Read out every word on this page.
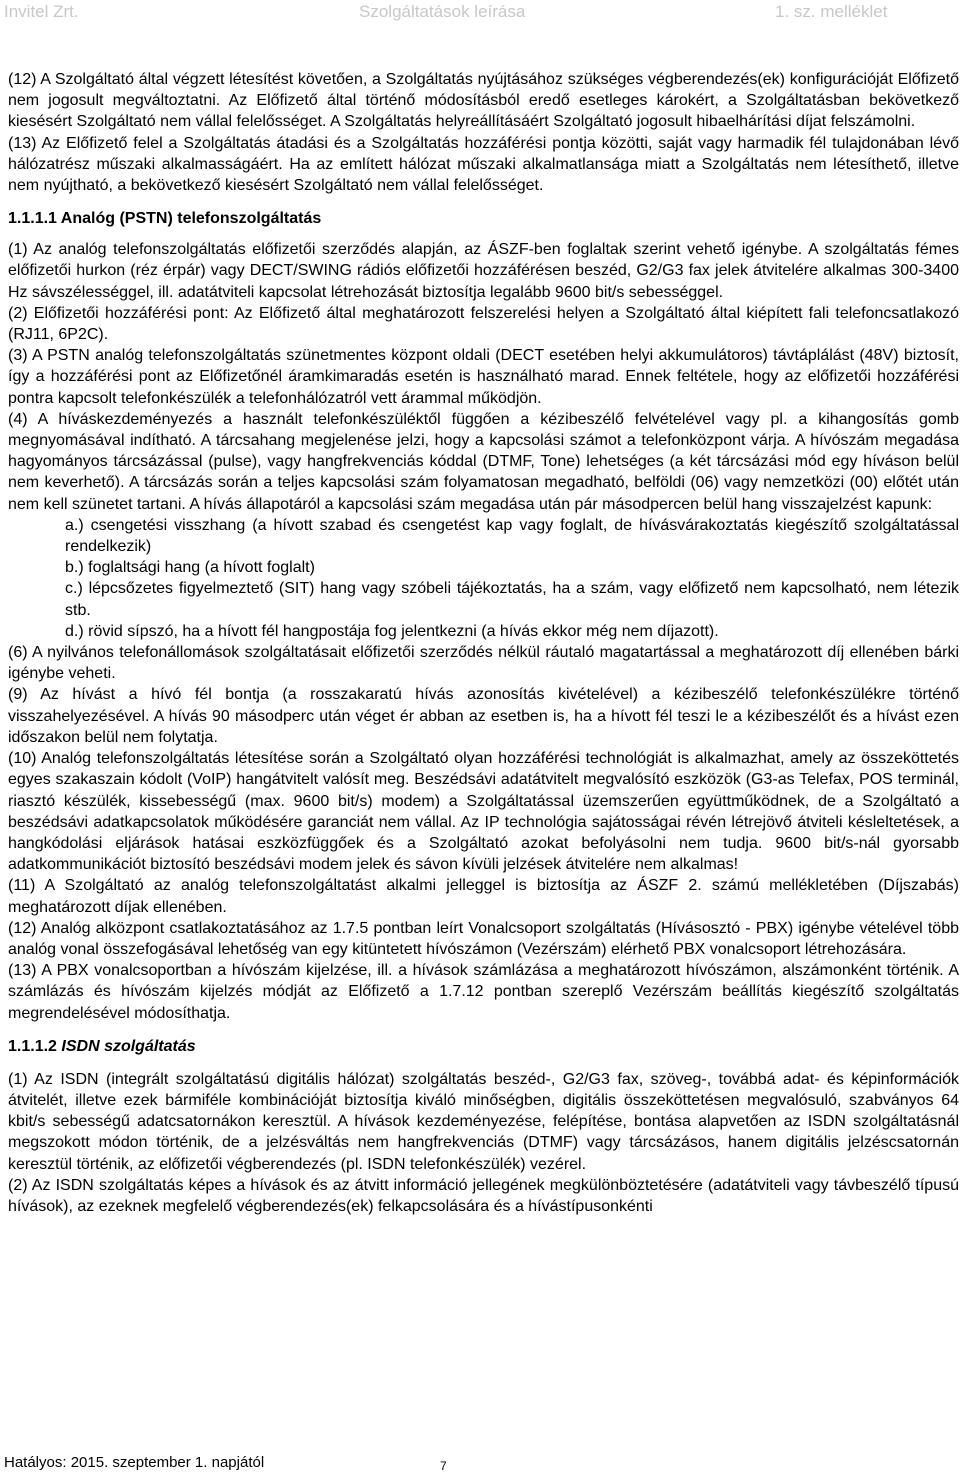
Invitel Zrt.	Szolgáltatások leírása	1. sz. melléklet

(12) A Szolgáltató által végzett létesítést követően, a Szolgáltatás nyújtásához szükséges végberendezés(ek) konfigurációját Előfizető nem jogosult megváltoztatni. Az Előfizető által történő módosításból eredő esetleges károkért, a Szolgáltatásban bekövetkező kiesésért Szolgáltató nem vállal felelősséget. A Szolgáltatás helyreállításáért Szolgáltató jogosult hibaelhárítási díjat felszámolni.

(13) Az Előfizető felel a Szolgáltatás átadási és a Szolgáltatás hozzáférési pontja közötti, saját vagy harmadik fél tulajdonában lévő hálózatrész műszaki alkalmasságáért. Ha az említett hálózat műszaki alkalmatlansága miatt a Szolgáltatás nem létesíthető, illetve nem nyújtható, a bekövetkező kiesésért Szolgáltató nem vállal felelősséget.

1.1.1.1 Analóg (PSTN) telefonszolgáltatás

(1) Az analóg telefonszolgáltatás előfizetői szerződés alapján, az ÁSZF-ben foglaltak szerint vehető igénybe. A szolgáltatás fémes előfizetői hurkon (réz érpár) vagy DECT/SWING rádiós előfizetői hozzáférésen beszéd, G2/G3 fax jelek átvitelére alkalmas 300-3400 Hz sávszélességgel, ill. adatátviteli kapcsolat létrehozását biztosítja legalább 9600 bit/s sebességgel.

(2) Előfizetői hozzáférési pont: Az Előfizető által meghatározott felszerelési helyen a Szolgáltató által kiépített fali telefoncsatlakozó (RJ11, 6P2C).

(3) A PSTN analóg telefonszolgáltatás szünetmentes központ oldali (DECT esetében helyi akkumulátoros) távtáplálást (48V) biztosít, így a hozzáférési pont az Előfizetőnél áramkimaradás esetén is használható marad. Ennek feltétele, hogy az előfizetői hozzáférési pontra kapcsolt telefonkészülék a telefonhálózatról vett árammal működjön.

(4) A híváskezdeményezés a használt telefonkészüléktől függően a kézibeszélő felvételével vagy pl. a kihangosítás gomb megnyomásával indítható. A tárcsahang megjelenése jelzi, hogy a kapcsolási számot a telefonközpont várja. A hívószám megadása hagyományos tárcsázással (pulse), vagy hangfrekvenciás kóddal (DTMF, Tone) lehetséges (a két tárcsázási mód egy híváson belül nem keverhető). A tárcsázás során a teljes kapcsolási szám folyamatosan megadható, belföldi (06) vagy nemzetközi (00) előtét után nem kell szünetet tartani. A hívás állapotáról a kapcsolási szám megadása után pár másodpercen belül hang visszajelzést kapunk:

a.) csengetési visszhang (a hívott szabad és csengetést kap vagy foglalt, de hívásvárakoztatás kiegészítő szolgáltatással rendelkezik)
b.) foglaltsági hang (a hívott foglalt)
c.) lépcsőzetes figyelmeztető (SIT) hang vagy szóbeli tájékoztatás, ha a szám, vagy előfizető nem kapcsolható, nem létezik stb.
d.) rövid sípszó, ha a hívott fél hangpostája fog jelentkezni (a hívás ekkor még nem díjazott).

(6) A nyilvános telefonállomások szolgáltatásait előfizetői szerződés nélkül ráutaló magatartással a meghatározott díj ellenében bárki igénybe veheti.

(9) Az hívást a hívó fél bontja (a rosszakaratú hívás azonosítás kivételével) a kézibeszélő telefonkészülékre történő visszahelyezésével. A hívás 90 másodperc után véget ér abban az esetben is, ha a hívott fél teszi le a kézibeszélőt és a hívást ezen időszakon belül nem folytatja.

(10) Analóg telefonszolgáltatás létesítése során a Szolgáltató olyan hozzáférési technológiát is alkalmazhat, amely az összeköttetés egyes szakaszain kódolt (VoIP) hangátvitelt valósít meg. Beszédsávi adatátvitelt megvalósító eszközök (G3-as Telefax, POS terminál, riasztó készülék, kissebességű (max. 9600 bit/s) modem) a Szolgáltatással üzemszerűen együttműködnek, de a Szolgáltató a beszédsávi adatkapcsolatok működésére garanciát nem vállal. Az IP technológia sajátosságai révén létrejövő átviteli késleltetések, a hangkódolási eljárások hatásai eszközfüggőek és a Szolgáltató azokat befolyásolni nem tudja. 9600 bit/s-nál gyorsabb adatkommunikációt biztosító beszédsávi modem jelek és sávon kívüli jelzések átvitelére nem alkalmas!

(11) A Szolgáltató az analóg telefonszolgáltatást alkalmi jelleggel is biztosítja az ÁSZF 2. számú mellékletében (Díjszabás) meghatározott díjak ellenében.

(12) Analóg alközpont csatlakoztatásához az 1.7.5 pontban leírt Vonalcsoport szolgáltatás (Hívásosztó - PBX) igénybe vételével több analóg vonal összefogásával lehetőség van egy kitüntetett hívószámon (Vezérszám) elérhető PBX vonalcsoport létrehozására.

(13) A PBX vonalcsoportban a hívószám kijelzése, ill. a hívások számlázása a meghatározott hívószámon, alszámonként történik. A számlázás és hívószám kijelzés módját az Előfizető a 1.7.12 pontban szereplő Vezérszám beállítás kiegészítő szolgáltatás megrendelésével módosíthatja.

1.1.1.2 ISDN szolgáltatás

(1) Az ISDN (integrált szolgáltatású digitális hálózat) szolgáltatás beszéd-, G2/G3 fax, szöveg-, továbbá adat- és képinformációk átvitelét, illetve ezek bármiféle kombinációját biztosítja kiváló minőségben, digitális összeköttetésen megvalósuló, szabványos 64 kbit/s sebességű adatcsatornákon keresztül. A hívások kezdeményezése, felépítése, bontása alapvetően az ISDN szolgáltatásnál megszokott módon történik, de a jelzésváltás nem hangfrekvenciás (DTMF) vagy tárcsázásos, hanem digitális jelzéscsatornán keresztül történik, az előfizetői végberendezés (pl. ISDN telefonkészülék) vezérel.

(2) Az ISDN szolgáltatás képes a hívások és az átvitt információ jellegének megkülönböztetésére (adatátviteli vagy távbeszélő típusú hívások), az ezeknek megfelelő végberendezés(ek) felkapcsolására és a hívástípusonkénti

Hatályos: 2015. szeptember 1. napjától	7
